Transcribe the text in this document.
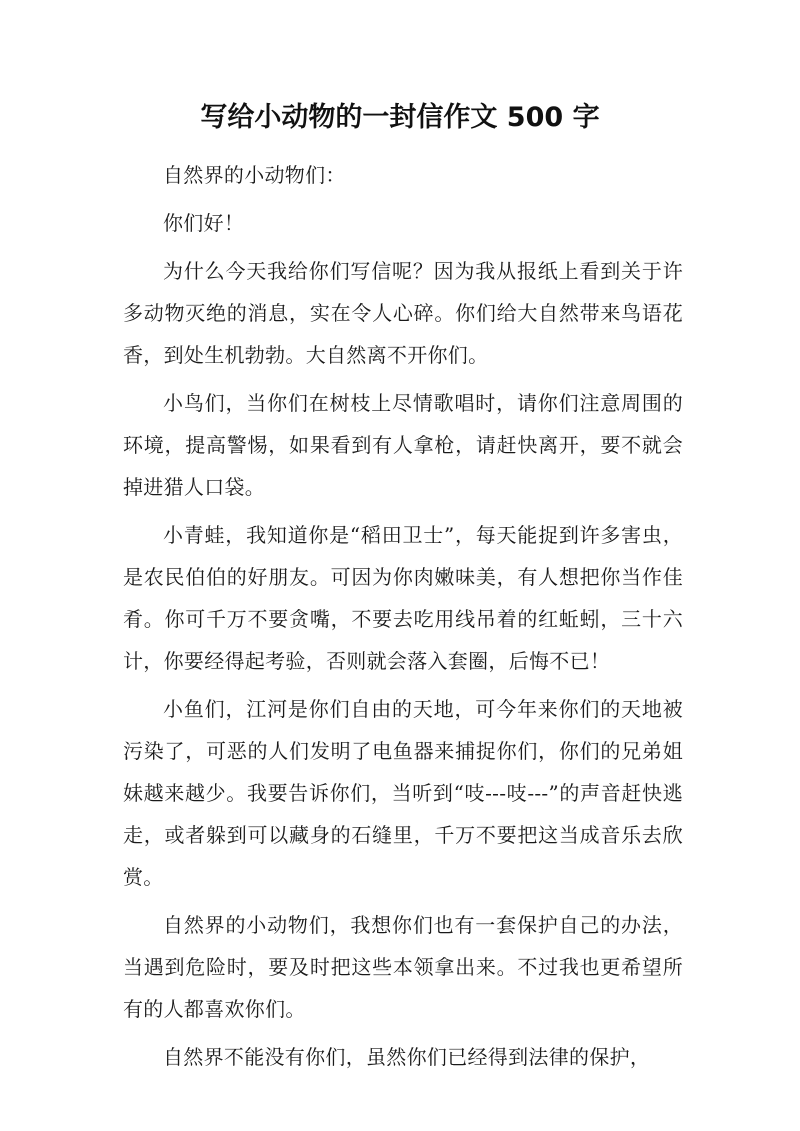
写给小动物的一封信作文 500 字

自然界的小动物们：

你们好！

为什么今天我给你们写信呢？因为我从报纸上看到关于许多动物灭绝的消息，实在令人心碎。你们给大自然带来鸟语花香，到处生机勃勃。大自然离不开你们。

小鸟们，当你们在树枝上尽情歌唱时，请你们注意周围的环境，提高警惕，如果看到有人拿枪，请赶快离开，要不就会掉进猎人口袋。

小青蛙，我知道你是“稻田卫士”，每天能捉到许多害虫，是农民伯伯的好朋友。可因为你肉嫩味美，有人想把你当作佳肴。你可千万不要贪嘴，不要去吃用线吊着的红蚯蚓，三十六计，你要经得起考验，否则就会落入套圈，后悔不已！

小鱼们，江河是你们自由的天地，可今年来你们的天地被污染了，可恶的人们发明了电鱼器来捕捉你们，你们的兄弟姐妹越来越少。我要告诉你们，当听到“吱---吱---”的声音赶快逃走，或者躲到可以藏身的石缝里，千万不要把这当成音乐去欣赏。

自然界的小动物们，我想你们也有一套保护自己的办法，当遇到危险时，要及时把这些本领拿出来。不过我也更希望所有的人都喜欢你们。

自然界不能没有你们，虽然你们已经得到法律的保护，
